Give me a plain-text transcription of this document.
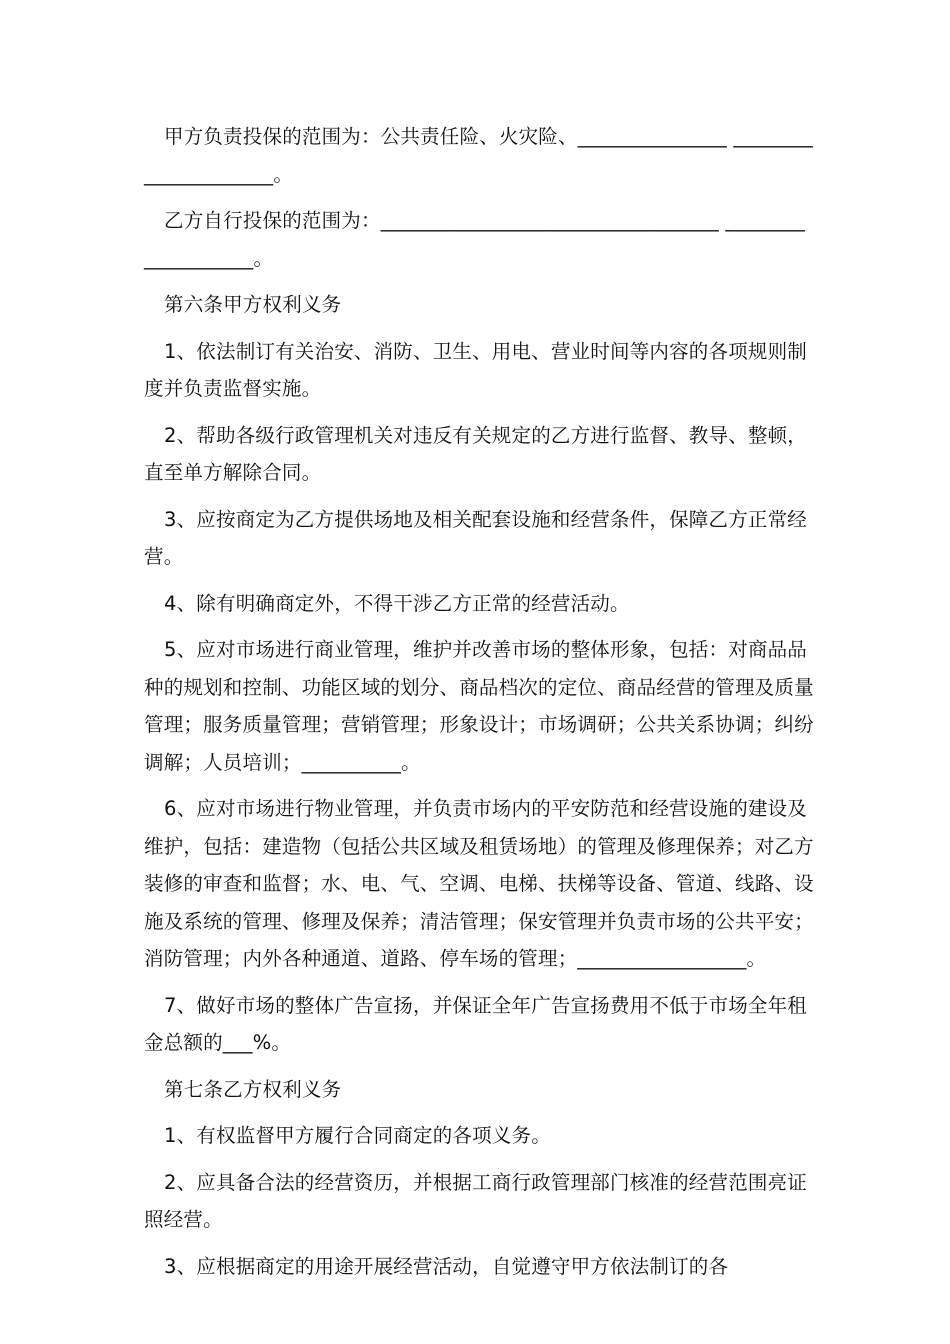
甲方负责投保的范围为：公共责任险、火灾险、_______________ _____________________。

乙方自行投保的范围为：__________________________________ ___________________。

第六条甲方权利义务

1、依法制订有关治安、消防、卫生、用电、营业时间等内容的各项规则制度并负责监督实施。

2、帮助各级行政管理机关对违反有关规定的乙方进行监督、教导、整顿，直至单方解除合同。

3、应按商定为乙方提供场地及相关配套设施和经营条件，保障乙方正常经营。

4、除有明确商定外，不得干涉乙方正常的经营活动。

5、应对市场进行商业管理，维护并改善市场的整体形象，包括：对商品品种的规划和控制、功能区域的划分、商品档次的定位、商品经营的管理及质量管理；服务质量管理；营销管理；形象设计；市场调研；公共关系协调；纠纷调解；人员培训；__________。

6、应对市场进行物业管理，并负责市场内的平安防范和经营设施的建设及维护，包括：建造物（包括公共区域及租赁场地）的管理及修理保养；对乙方装修的审查和监督；水、电、气、空调、电梯、扶梯等设备、管道、线路、设施及系统的管理、修理及保养；清洁管理；保安管理并负责市场的公共平安；消防管理；内外各种通道、道路、停车场的管理；_________________。

7、做好市场的整体广告宣扬，并保证全年广告宣扬费用不低于市场全年租金总额的___%。

第七条乙方权利义务

1、有权监督甲方履行合同商定的各项义务。

2、应具备合法的经营资历，并根据工商行政管理部门核准的经营范围亮证照经营。

3、应根据商定的用途开展经营活动，自觉遵守甲方依法制订的各
